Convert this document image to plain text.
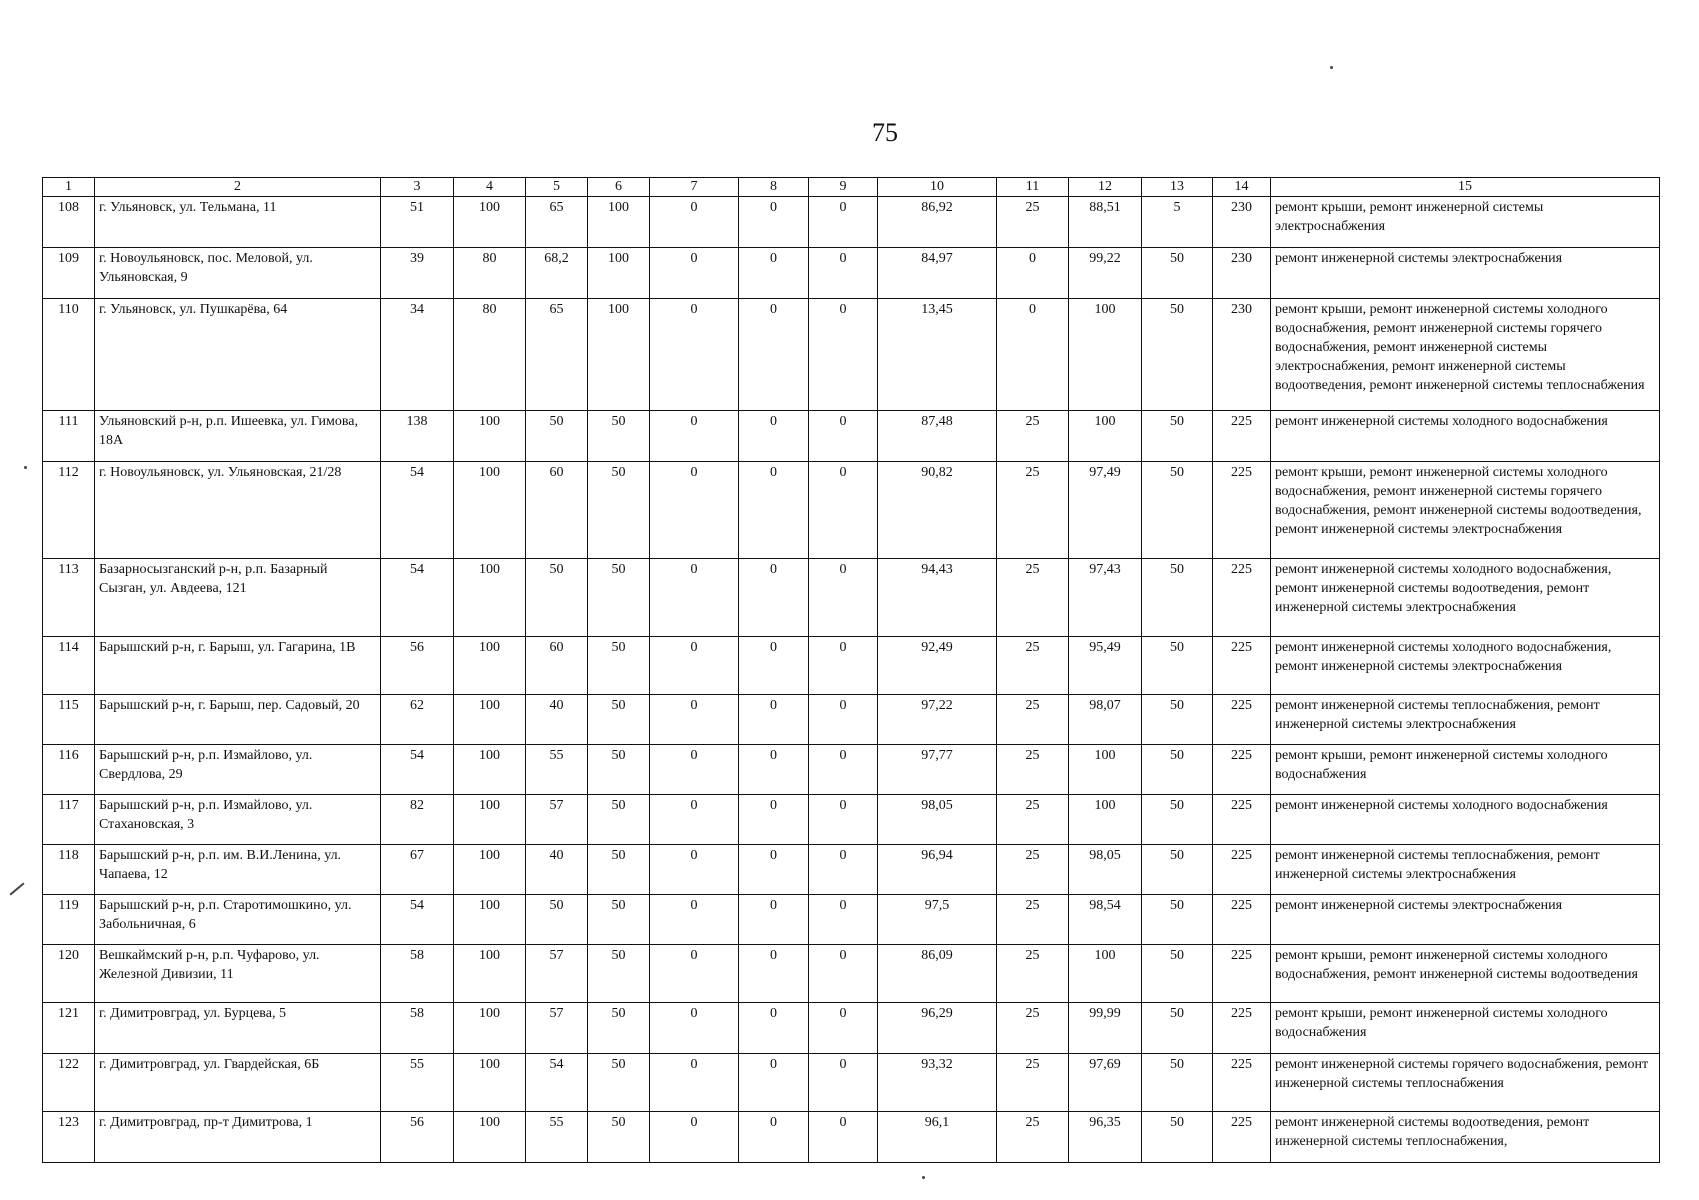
75
1	2	3	4	5	6	7	8	9	10	11	12	13	14	15
108	г. Ульяновск, ул. Тельмана, 11	51	100	65	100	0	0	0	86,92	25	88,51	5	230	ремонт крыши, ремонт инженерной системы электроснабжения
109	г. Новоульяновск, пос. Меловой, ул. Ульяновская, 9	39	80	68,2	100	0	0	0	84,97	0	99,22	50	230	ремонт инженерной системы электроснабжения
110	г. Ульяновск, ул. Пушкарёва, 64	34	80	65	100	0	0	0	13,45	0	100	50	230	ремонт крыши, ремонт инженерной системы холодного водоснабжения, ремонт инженерной системы горячего водоснабжения, ремонт инженерной системы электроснабжения, ремонт инженерной системы водоотведения, ремонт инженерной системы теплоснабжения
111	Ульяновский р-н, р.п. Ишеевка, ул. Гимова, 18А	138	100	50	50	0	0	0	87,48	25	100	50	225	ремонт инженерной системы холодного водоснабжения
112	г. Новоульяновск, ул. Ульяновская, 21/28	54	100	60	50	0	0	0	90,82	25	97,49	50	225	ремонт крыши, ремонт инженерной системы холодного водоснабжения, ремонт инженерной системы горячего водоснабжения, ремонт инженерной системы водоотведения, ремонт инженерной системы электроснабжения
113	Базарносызганский р-н, р.п. Базарный Сызган, ул. Авдеева, 121	54	100	50	50	0	0	0	94,43	25	97,43	50	225	ремонт инженерной системы холодного водоснабжения, ремонт инженерной системы водоотведения, ремонт инженерной системы электроснабжения
114	Барышский р-н, г. Барыш, ул. Гагарина, 1В	56	100	60	50	0	0	0	92,49	25	95,49	50	225	ремонт инженерной системы холодного водоснабжения, ремонт инженерной системы электроснабжения
115	Барышский р-н, г. Барыш, пер. Садовый, 20	62	100	40	50	0	0	0	97,22	25	98,07	50	225	ремонт инженерной системы теплоснабжения, ремонт инженерной системы электроснабжения
116	Барышский р-н, р.п. Измайлово, ул. Свердлова, 29	54	100	55	50	0	0	0	97,77	25	100	50	225	ремонт крыши, ремонт инженерной системы холодного водоснабжения
117	Барышский р-н, р.п. Измайлово, ул. Стахановская, 3	82	100	57	50	0	0	0	98,05	25	100	50	225	ремонт инженерной системы холодного водоснабжения
118	Барышский р-н, р.п. им. В.И.Ленина, ул. Чапаева, 12	67	100	40	50	0	0	0	96,94	25	98,05	50	225	ремонт инженерной системы теплоснабжения, ремонт инженерной системы электроснабжения
119	Барышский р-н, р.п. Старотимошкино, ул. Забольничная, 6	54	100	50	50	0	0	0	97,5	25	98,54	50	225	ремонт инженерной системы электроснабжения
120	Вешкаймский р-н, р.п. Чуфарово, ул. Железной Дивизии, 11	58	100	57	50	0	0	0	86,09	25	100	50	225	ремонт крыши, ремонт инженерной системы холодного водоснабжения, ремонт инженерной системы водоотведения
121	г. Димитровград, ул. Бурцева, 5	58	100	57	50	0	0	0	96,29	25	99,99	50	225	ремонт крыши, ремонт инженерной системы холодного водоснабжения
122	г. Димитровград, ул. Гвардейская, 6Б	55	100	54	50	0	0	0	93,32	25	97,69	50	225	ремонт инженерной системы горячего водоснабжения, ремонт инженерной системы теплоснабжения
123	г. Димитровград, пр-т Димитрова, 1	56	100	55	50	0	0	0	96,1	25	96,35	50	225	ремонт инженерной системы водоотведения, ремонт инженерной системы теплоснабжения,
